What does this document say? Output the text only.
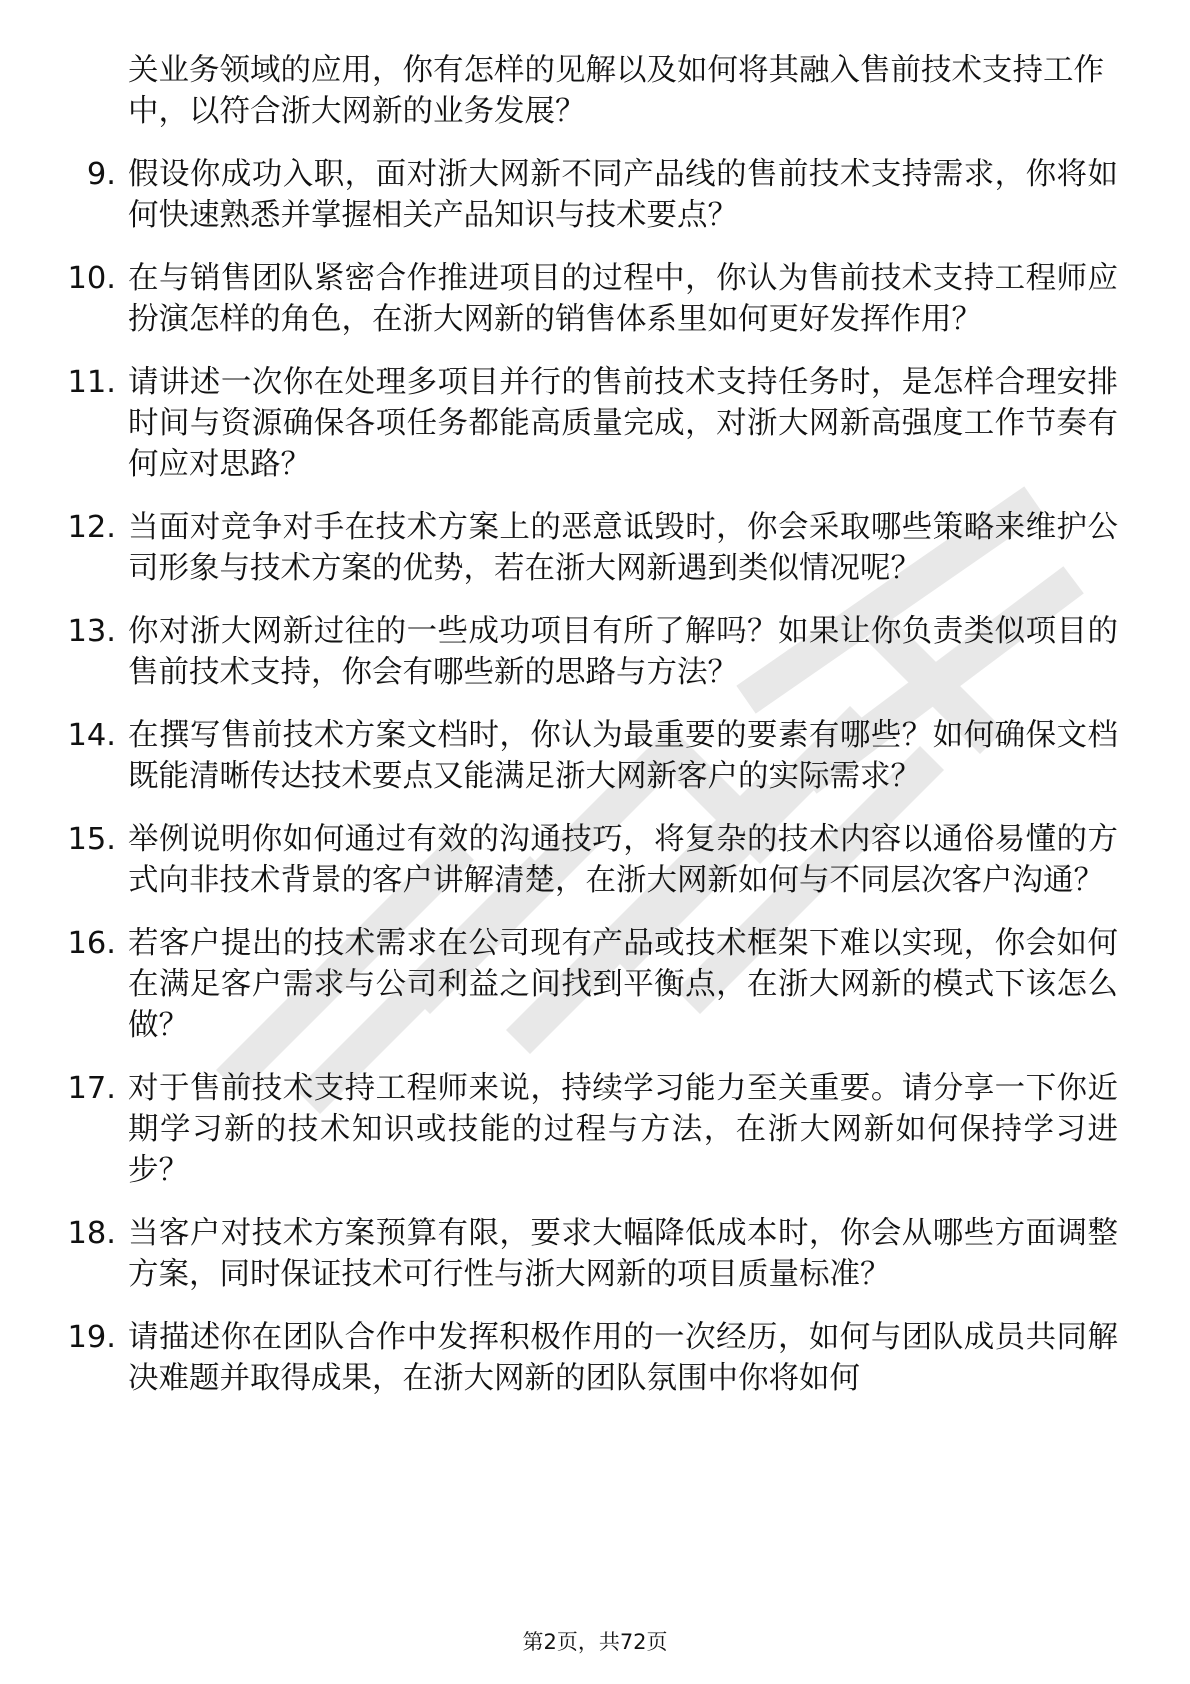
关业务领域的应用，你有怎样的见解以及如何将其融入售前技术支持工作中，以符合浙大网新的业务发展？

9. 假设你成功入职，面对浙大网新不同产品线的售前技术支持需求，你将如何快速熟悉并掌握相关产品知识与技术要点？
10. 在与销售团队紧密合作推进项目的过程中，你认为售前技术支持工程师应扮演怎样的角色，在浙大网新的销售体系里如何更好发挥作用？
11. 请讲述一次你在处理多项目并行的售前技术支持任务时，是怎样合理安排时间与资源确保各项任务都能高质量完成，对浙大网新高强度工作节奏有何应对思路？
12. 当面对竞争对手在技术方案上的恶意诋毁时，你会采取哪些策略来维护公司形象与技术方案的优势，若在浙大网新遇到类似情况呢？
13. 你对浙大网新过往的一些成功项目有所了解吗？如果让你负责类似项目的售前技术支持，你会有哪些新的思路与方法？
14. 在撰写售前技术方案文档时，你认为最重要的要素有哪些？如何确保文档既能清晰传达技术要点又能满足浙大网新客户的实际需求？
15. 举例说明你如何通过有效的沟通技巧，将复杂的技术内容以通俗易懂的方式向非技术背景的客户讲解清楚，在浙大网新如何与不同层次客户沟通？
16. 若客户提出的技术需求在公司现有产品或技术框架下难以实现，你会如何在满足客户需求与公司利益之间找到平衡点，在浙大网新的模式下该怎么做？
17. 对于售前技术支持工程师来说，持续学习能力至关重要。请分享一下你近期学习新的技术知识或技能的过程与方法，在浙大网新如何保持学习进步？
18. 当客户对技术方案预算有限，要求大幅降低成本时，你会从哪些方面调整方案，同时保证技术可行性与浙大网新的项目质量标准？
19. 请描述你在团队合作中发挥积极作用的一次经历，如何与团队成员共同解决难题并取得成果，在浙大网新的团队氛围中你将如何
第2页，共72页
